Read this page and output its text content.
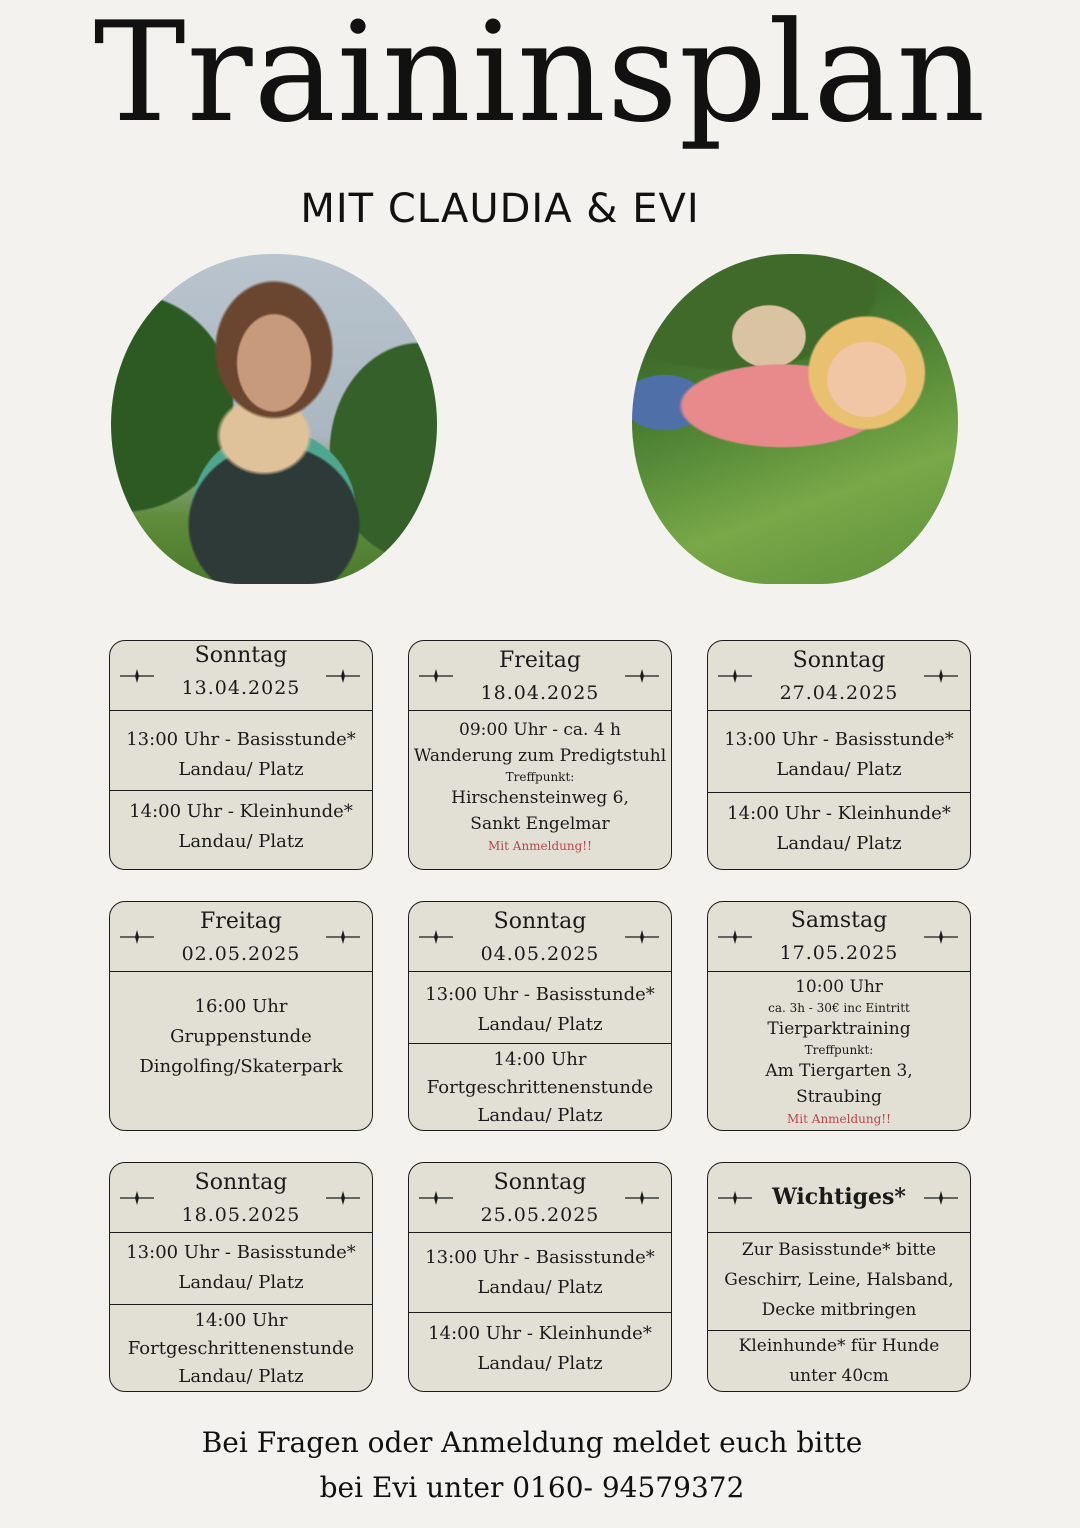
Traininsplan
MIT CLAUDIA & EVI
Sonntag
13.04.2025
13:00 Uhr - Basisstunde*
Landau/ Platz
14:00 Uhr - Kleinhunde*
Landau/ Platz
Freitag
18.04.2025
09:00 Uhr - ca. 4 h
Wanderung zum Predigtstuhl
Treffpunkt:
Hirschensteinweg 6,
Sankt Engelmar
Mit Anmeldung!!
Sonntag
27.04.2025
13:00 Uhr - Basisstunde*
Landau/ Platz
14:00 Uhr - Kleinhunde*
Landau/ Platz
Freitag
02.05.2025
16:00 Uhr
Gruppenstunde
Dingolfing/Skaterpark
Sonntag
04.05.2025
13:00 Uhr - Basisstunde*
Landau/ Platz
14:00 Uhr
Fortgeschrittenenstunde
Landau/ Platz
Samstag
17.05.2025
10:00 Uhr
ca. 3h - 30€ inc Eintritt
Tierparktraining
Treffpunkt:
Am Tiergarten 3,
Straubing
Mit Anmeldung!!
Sonntag
18.05.2025
13:00 Uhr - Basisstunde*
Landau/ Platz
14:00 Uhr
Fortgeschrittenenstunde
Landau/ Platz
Sonntag
25.05.2025
13:00 Uhr - Basisstunde*
Landau/ Platz
14:00 Uhr - Kleinhunde*
Landau/ Platz
Wichtiges*
Zur Basisstunde* bitte
Geschirr, Leine, Halsband,
Decke mitbringen
Kleinhunde* für Hunde
unter 40cm
Bei Fragen oder Anmeldung meldet euch bitte
bei Evi unter 0160- 94579372
